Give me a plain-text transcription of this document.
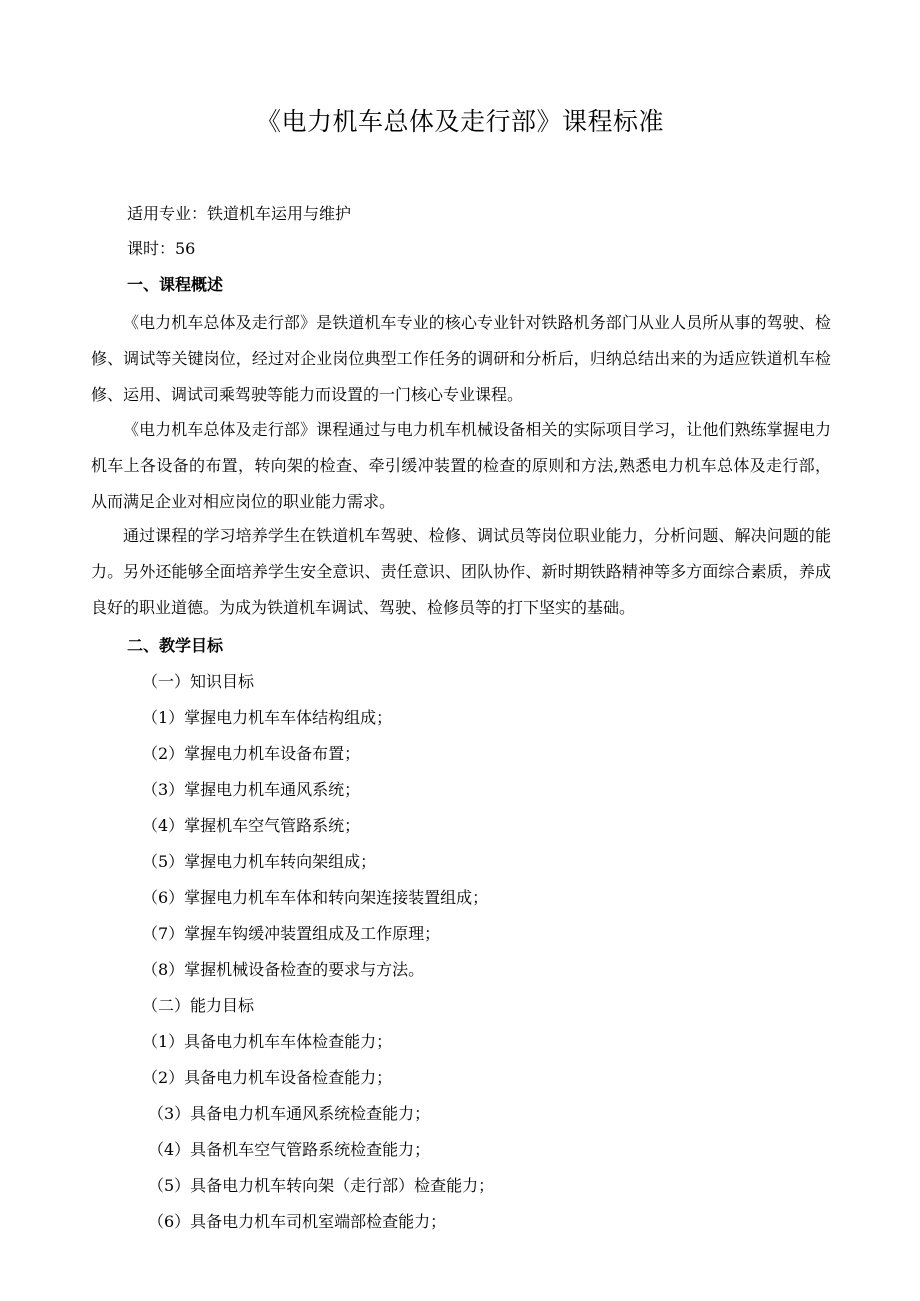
《电力机车总体及走行部》课程标准
适用专业：铁道机车运用与维护
课时：56
一、课程概述

《电力机车总体及走行部》是铁道机车专业的核心专业针对铁路机务部门从业人员所从事的驾驶、检修、调试等关键岗位，经过对企业岗位典型工作任务的调研和分析后，归纳总结出来的为适应铁道机车检修、运用、调试司乘驾驶等能力而设置的一门核心专业课程。

《电力机车总体及走行部》课程通过与电力机车机械设备相关的实际项目学习，让他们熟练掌握电力机车上各设备的布置，转向架的检查、牵引缓冲装置的检查的原则和方法,熟悉电力机车总体及走行部，从而满足企业对相应岗位的职业能力需求。

通过课程的学习培养学生在铁道机车驾驶、检修、调试员等岗位职业能力，分析问题、解决问题的能力。另外还能够全面培养学生安全意识、责任意识、团队协作、新时期铁路精神等多方面综合素质，养成良好的职业道德。为成为铁道机车调试、驾驶、检修员等的打下坚实的基础。

二、教学目标
（一）知识目标
（1）掌握电力机车车体结构组成；
（2）掌握电力机车设备布置；
（3）掌握电力机车通风系统；
（4）掌握机车空气管路系统；
（5）掌握电力机车转向架组成；
（6）掌握电力机车车体和转向架连接装置组成；
（7）掌握车钩缓冲装置组成及工作原理；
（8）掌握机械设备检查的要求与方法。
（二）能力目标
（1）具备电力机车车体检查能力；
（2）具备电力机车设备检查能力；
（3）具备电力机车通风系统检查能力；
（4）具备机车空气管路系统检查能力；
（5）具备电力机车转向架（走行部）检查能力；
（6）具备电力机车司机室端部检查能力；
